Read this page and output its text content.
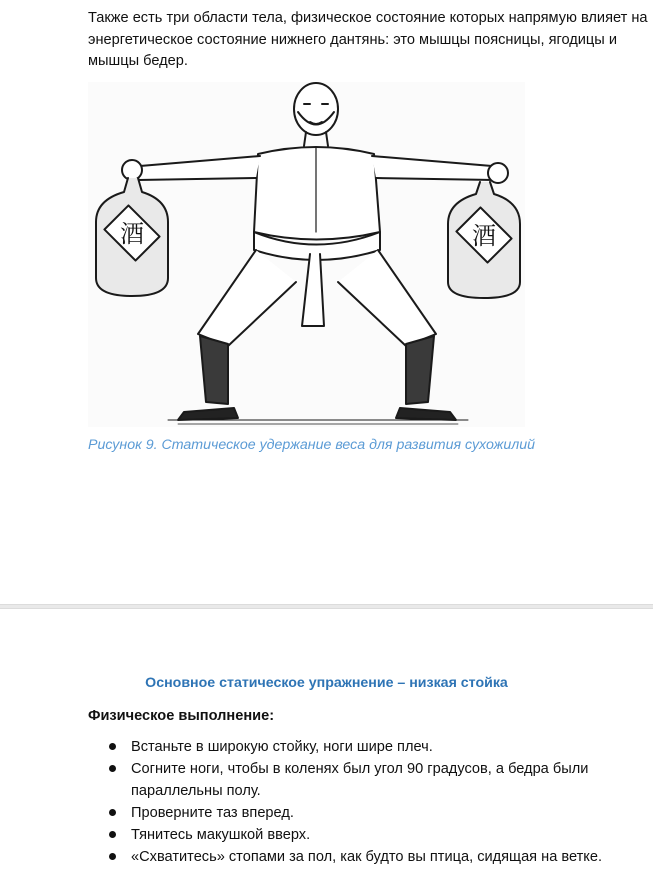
Также есть три области тела, физическое состояние которых напрямую влияет на энергетическое состояние нижнего дантянь: это мышцы поясницы, ягодицы и мышцы бедер.
酒	酒
Рисунок 9. Статическое удержание веса для развития сухожилий
Основное статическое упражнение – низкая стойка
Физическое выполнение:
Встаньте в широкую стойку, ноги шире плеч.
Согните ноги, чтобы в коленях был угол 90 градусов, а бедра были параллельны полу.
Проверните таз вперед.
Тянитесь макушкой вверх.
«Схватитесь» стопами за пол, как будто вы птица, сидящая на ветке.
